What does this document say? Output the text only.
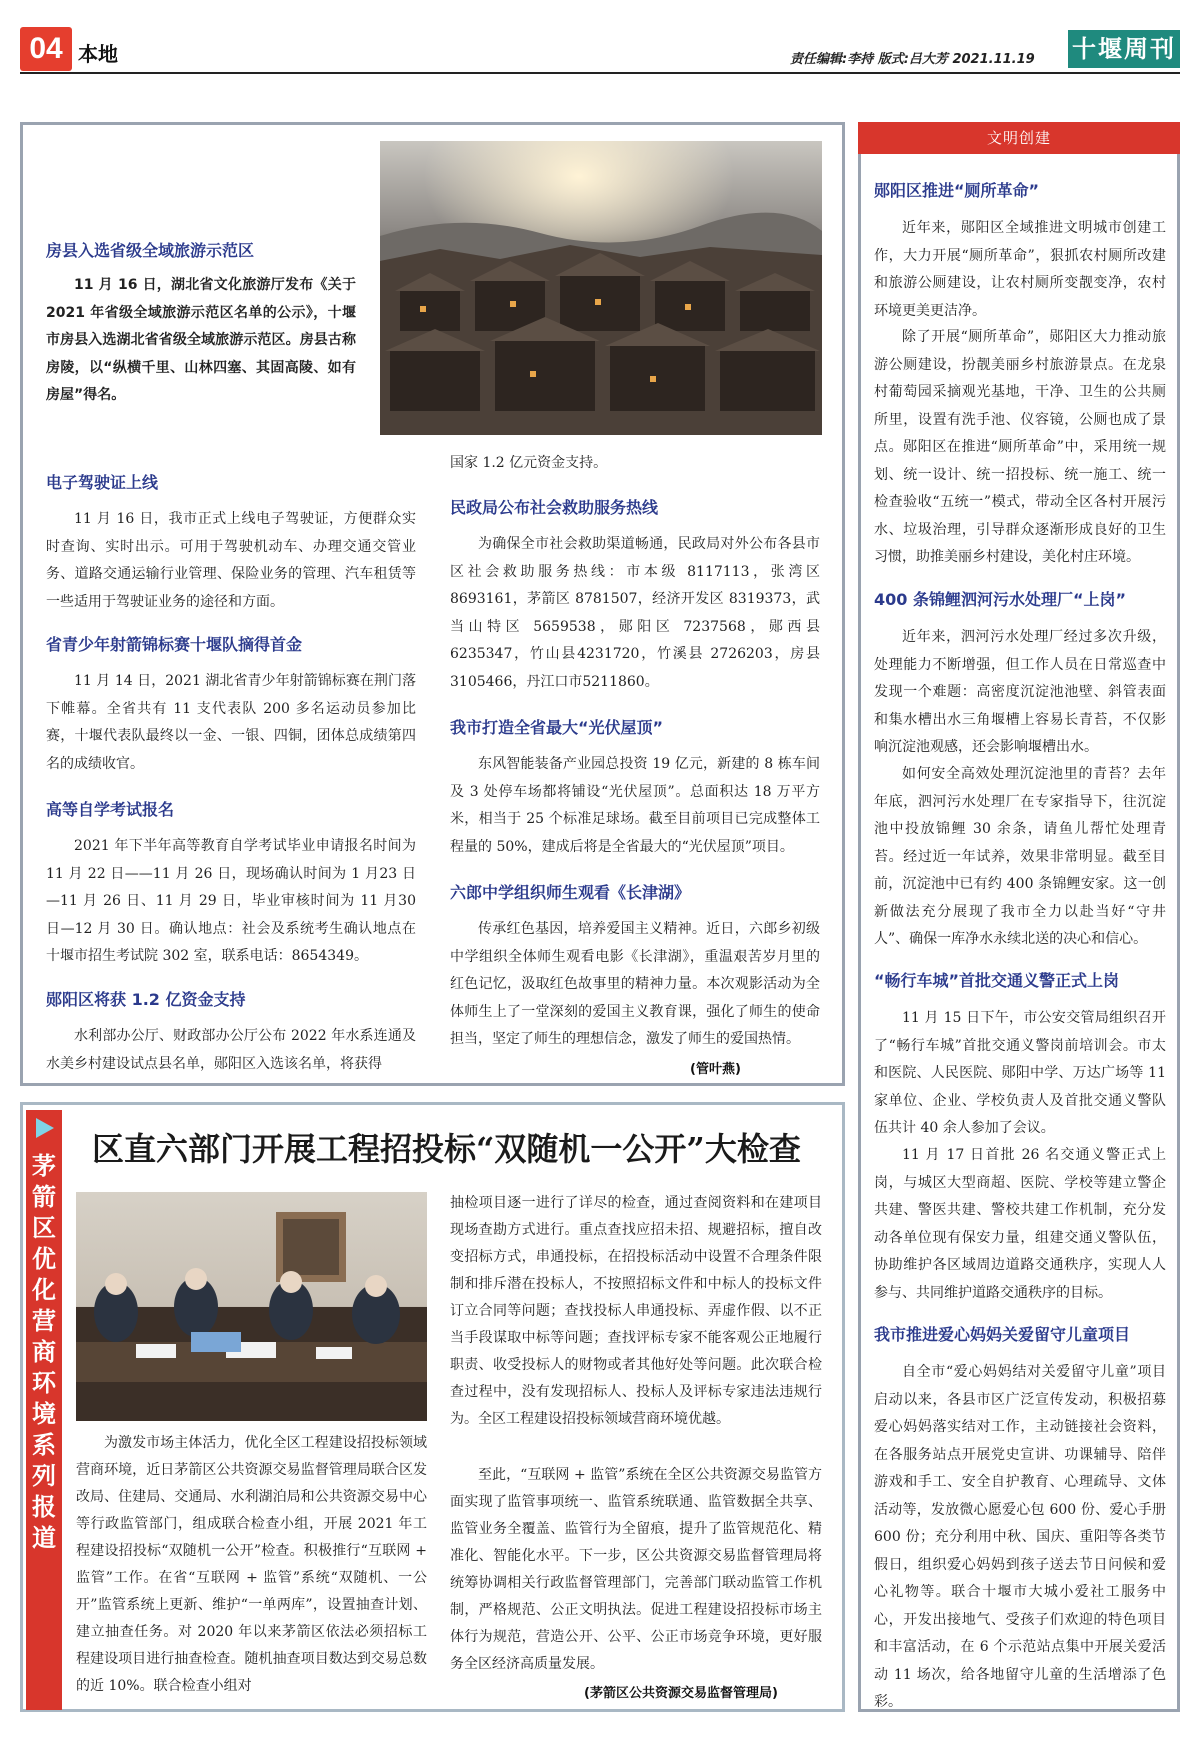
04 本地	责任编辑:李持 版式:吕大芳 2021.11.19 十堰周刊
房县入选省级全域旅游示范区

11 月 16 日，湖北省文化旅游厅发布《关于2021 年省级全域旅游示范区名单的公示》，十堰市房县入选湖北省省级全域旅游示范区。房县古称房陵，以“纵横千里、山林四塞、其固高陵、如有房屋”得名。

电子驾驶证上线

11 月 16 日，我市正式上线电子驾驶证，方便群众实时查询、实时出示。可用于驾驶机动车、办理交通交管业务、道路交通运输行业管理、保险业务的管理、汽车租赁等一些适用于驾驶证业务的途径和方面。

省青少年射箭锦标赛十堰队摘得首金

11 月 14 日，2021 湖北省青少年射箭锦标赛在荆门落下帷幕。全省共有 11 支代表队 200 多名运动员参加比赛，十堰代表队最终以一金、一银、四铜，团体总成绩第四名的成绩收官。

高等自学考试报名

2021 年下半年高等教育自学考试毕业申请报名时间为 11 月 22 日——11 月 26 日，现场确认时间为 1 月23 日—11 月 26 日、11 月 29 日，毕业审核时间为 11 月30 日—12 月 30 日。确认地点：社会及系统考生确认地点在十堰市招生考试院 302 室，联系电话：8654349。

郧阳区将获 1.2 亿资金支持

水利部办公厅、财政部办公厅公布 2022 年水系连通及水美乡村建设试点县名单，郧阳区入选该名单，将获得

国家 1.2 亿元资金支持。

民政局公布社会救助服务热线

为确保全市社会救助渠道畅通，民政局对外公布各县市区社会救助服务热线：市本级 8117113，张湾区8693161，茅箭区 8781507，经济开发区 8319373，武当山特区 5659538，郧阳区 7237568，郧西县 6235347，竹山县4231720，竹溪县 2726203，房县 3105466，丹江口市5211860。

我市打造全省最大“光伏屋顶”

东风智能装备产业园总投资 19 亿元，新建的 8 栋车间及 3 处停车场都将铺设“光伏屋顶”。总面积达 18 万平方米，相当于 25 个标准足球场。截至目前项目已完成整体工程量的 50%，建成后将是全省最大的“光伏屋顶”项目。

六郎中学组织师生观看《长津湖》

传承红色基因，培养爱国主义精神。近日，六郎乡初级中学组织全体师生观看电影《长津湖》，重温艰苦岁月里的红色记忆，汲取红色故事里的精神力量。本次观影活动为全体师生上了一堂深刻的爱国主义教育课，强化了师生的使命担当，坚定了师生的理想信念，激发了师生的爱国热情。

(管叶燕)
文明创建
郧阳区推进“厕所革命”

近年来，郧阳区全域推进文明城市创建工作，大力开展“厕所革命”，狠抓农村厕所改建和旅游公厕建设，让农村厕所变靓变净，农村环境更美更洁净。

除了开展“厕所革命”，郧阳区大力推动旅游公厕建设，扮靓美丽乡村旅游景点。在龙泉村葡萄园采摘观光基地，干净、卫生的公共厕所里，设置有洗手池、仪容镜，公厕也成了景点。郧阳区在推进“厕所革命”中，采用统一规划、统一设计、统一招投标、统一施工、统一检查验收“五统一”模式，带动全区各村开展污水、垃圾治理，引导群众逐渐形成良好的卫生习惯，助推美丽乡村建设，美化村庄环境。

400 条锦鲤泗河污水处理厂“上岗”

近年来，泗河污水处理厂经过多次升级，处理能力不断增强，但工作人员在日常巡查中发现一个难题：高密度沉淀池池壁、斜管表面和集水槽出水三角堰槽上容易长青苔，不仅影响沉淀池观感，还会影响堰槽出水。

如何安全高效处理沉淀池里的青苔？去年年底，泗河污水处理厂在专家指导下，往沉淀池中投放锦鲤 30 余条，请鱼儿帮忙处理青苔。经过近一年试养，效果非常明显。截至目前，沉淀池中已有约 400 条锦鲤安家。这一创新做法充分展现了我市全力以赴当好“守井人”、确保一库净水永续北送的决心和信心。

“畅行车城”首批交通义警正式上岗

11 月 15 日下午，市公安交管局组织召开了“畅行车城”首批交通义警岗前培训会。市太和医院、人民医院、郧阳中学、万达广场等 11 家单位、企业、学校负责人及首批交通义警队伍共计 40 余人参加了会议。

11 月 17 日首批 26 名交通义警正式上岗，与城区大型商超、医院、学校等建立警企共建、警医共建、警校共建工作机制，充分发动各单位现有保安力量，组建交通义警队伍，协助维护各区域周边道路交通秩序，实现人人参与、共同维护道路交通秩序的目标。

我市推进爱心妈妈关爱留守儿童项目

自全市“爱心妈妈结对关爱留守儿童”项目启动以来，各县市区广泛宣传发动，积极招募爱心妈妈落实结对工作，主动链接社会资料，在各服务站点开展党史宣讲、功课辅导、陪伴游戏和手工、安全自护教育、心理疏导、文体活动等，发放微心愿爱心包 600 份、爱心手册 600 份；充分利用中秋、国庆、重阳等各类节假日，组织爱心妈妈到孩子送去节日问候和爱心礼物等。联合十堰市大城小爱社工服务中心，开发出接地气、受孩子们欢迎的特色项目和丰富活动，在 6 个示范站点集中开展关爱活动 11 场次，给各地留守儿童的生活增添了色彩。

茅箭区优化营商环境系列报道
区直六部门开展工程招投标“双随机一公开”大检查

为激发市场主体活力，优化全区工程建设招投标领域营商环境，近日茅箭区公共资源交易监督管理局联合区发改局、住建局、交通局、水利湖泊局和公共资源交易中心等行政监管部门，组成联合检查小组，开展 2021 年工程建设招投标“双随机一公开”检查。积极推行“互联网 + 监管”工作。在省“互联网 + 监管”系统“双随机、一公开”监管系统上更新、维护“一单两库”，设置抽查计划、建立抽查任务。对 2020 年以来茅箭区依法必须招标工程建设项目进行抽查检查。随机抽查项目数达到交易总数的近 10%。联合检查小组对

抽检项目逐一进行了详尽的检查，通过查阅资料和在建项目现场查勘方式进行。重点查找应招未招、规避招标，擅自改变招标方式，串通投标，在招投标活动中设置不合理条件限制和排斥潜在投标人，不按照招标文件和中标人的投标文件订立合同等问题；查找投标人串通投标、弄虚作假、以不正当手段谋取中标等问题；查找评标专家不能客观公正地履行职责、收受投标人的财物或者其他好处等问题。此次联合检查过程中，没有发现招标人、投标人及评标专家违法违规行为。全区工程建设招投标领域营商环境优越。

至此，“互联网 + 监管”系统在全区公共资源交易监管方面实现了监管事项统一、监管系统联通、监管数据全共享、监管业务全覆盖、监管行为全留痕，提升了监管规范化、精准化、智能化水平。下一步，区公共资源交易监督管理局将统筹协调相关行政监督管理部门，完善部门联动监管工作机制，严格规范、公正文明执法。促进工程建设招投标市场主体行为规范，营造公开、公平、公正市场竞争环境，更好服务全区经济高质量发展。

(茅箭区公共资源交易监督管理局)
